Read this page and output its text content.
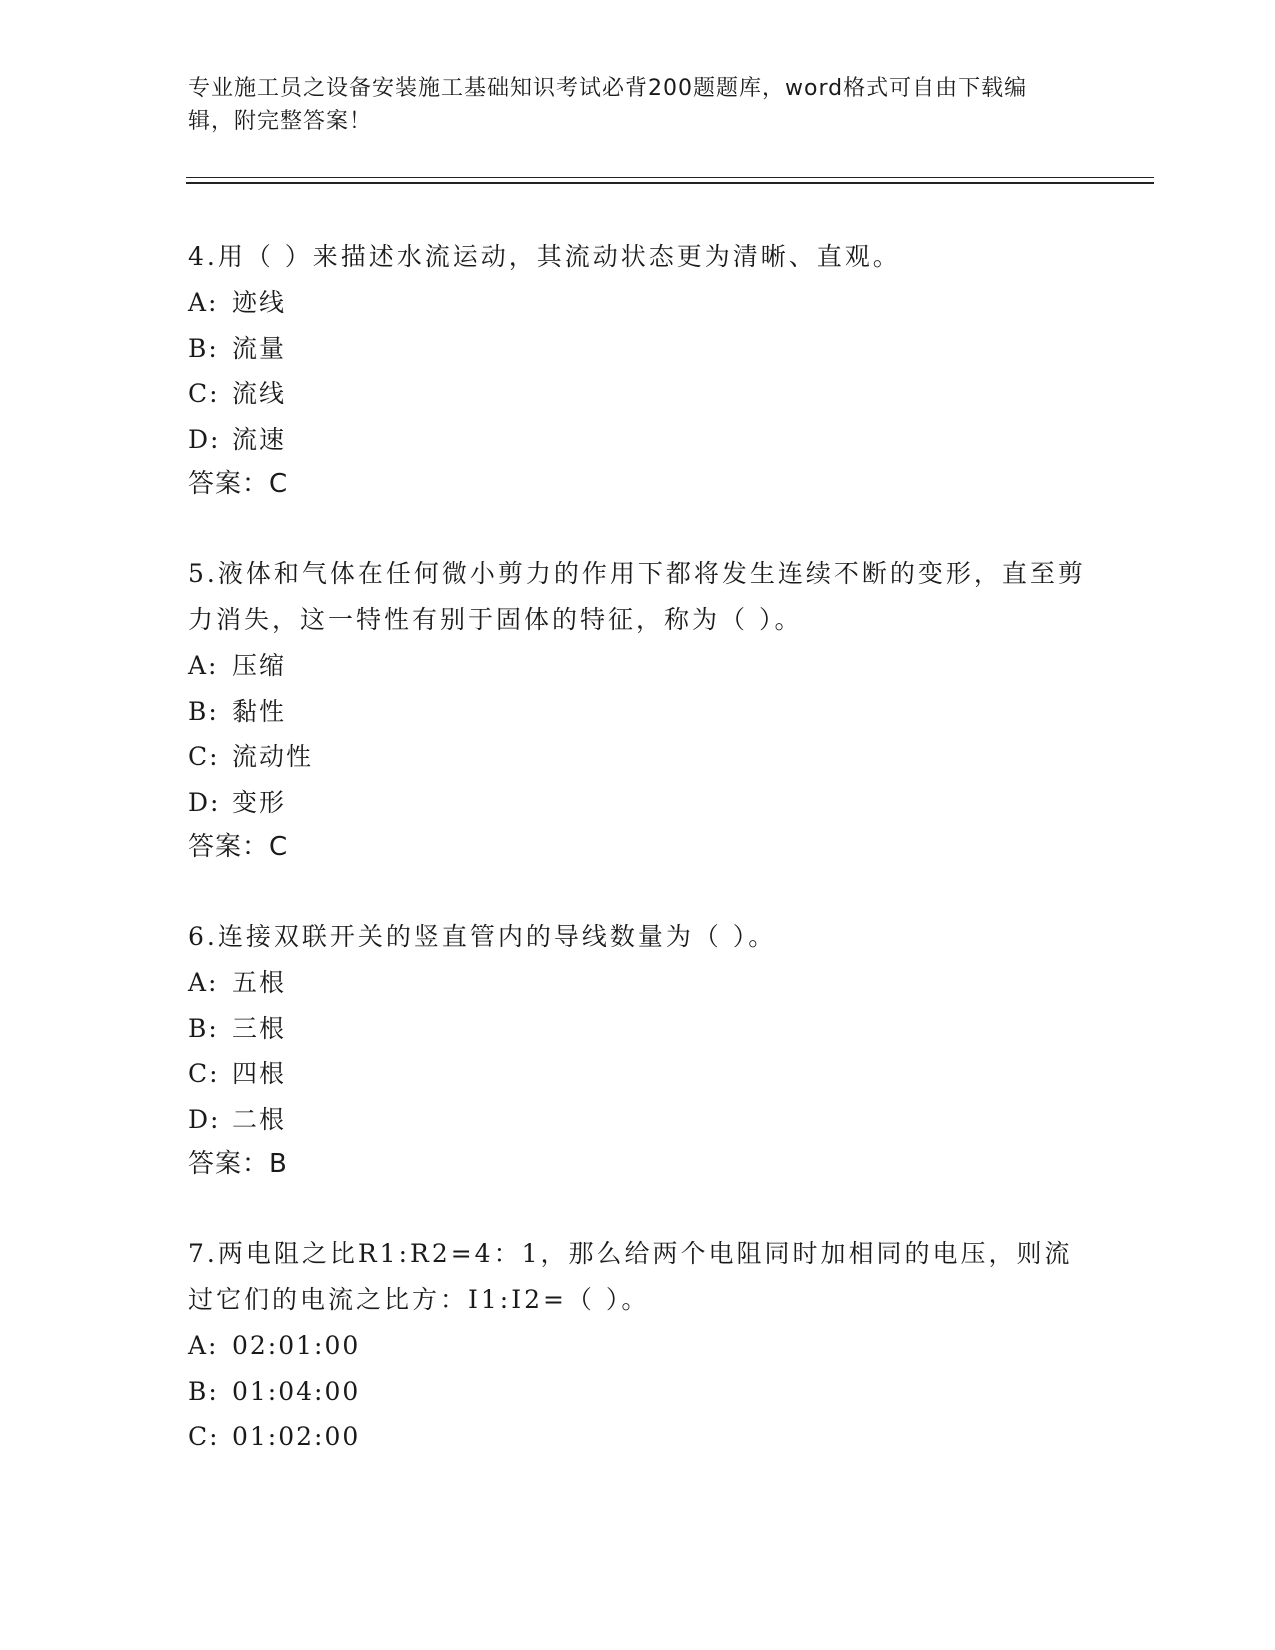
专业施工员之设备安装施工基础知识考试必背200题题库，word格式可自由下载编辑，附完整答案！

4.用（ ）来描述水流运动，其流动状态更为清晰、直观。

A: 迹线
B: 流量
C: 流线
D: 流速
答案：C

5.液体和气体在任何微小剪力的作用下都将发生连续不断的变形，直至剪力消失，这一特性有别于固体的特征，称为（ ）。

A: 压缩
B: 黏性
C: 流动性
D: 变形
答案：C

6.连接双联开关的竖直管内的导线数量为（ ）。

A: 五根
B: 三根
C: 四根
D: 二根
答案：B

7.两电阻之比R1:R2=4：1，那么给两个电阻同时加相同的电压，则流过它们的电流之比方：I1:I2=（ ）。

A: 02:01:00
B: 01:04:00
C: 01:02:00
